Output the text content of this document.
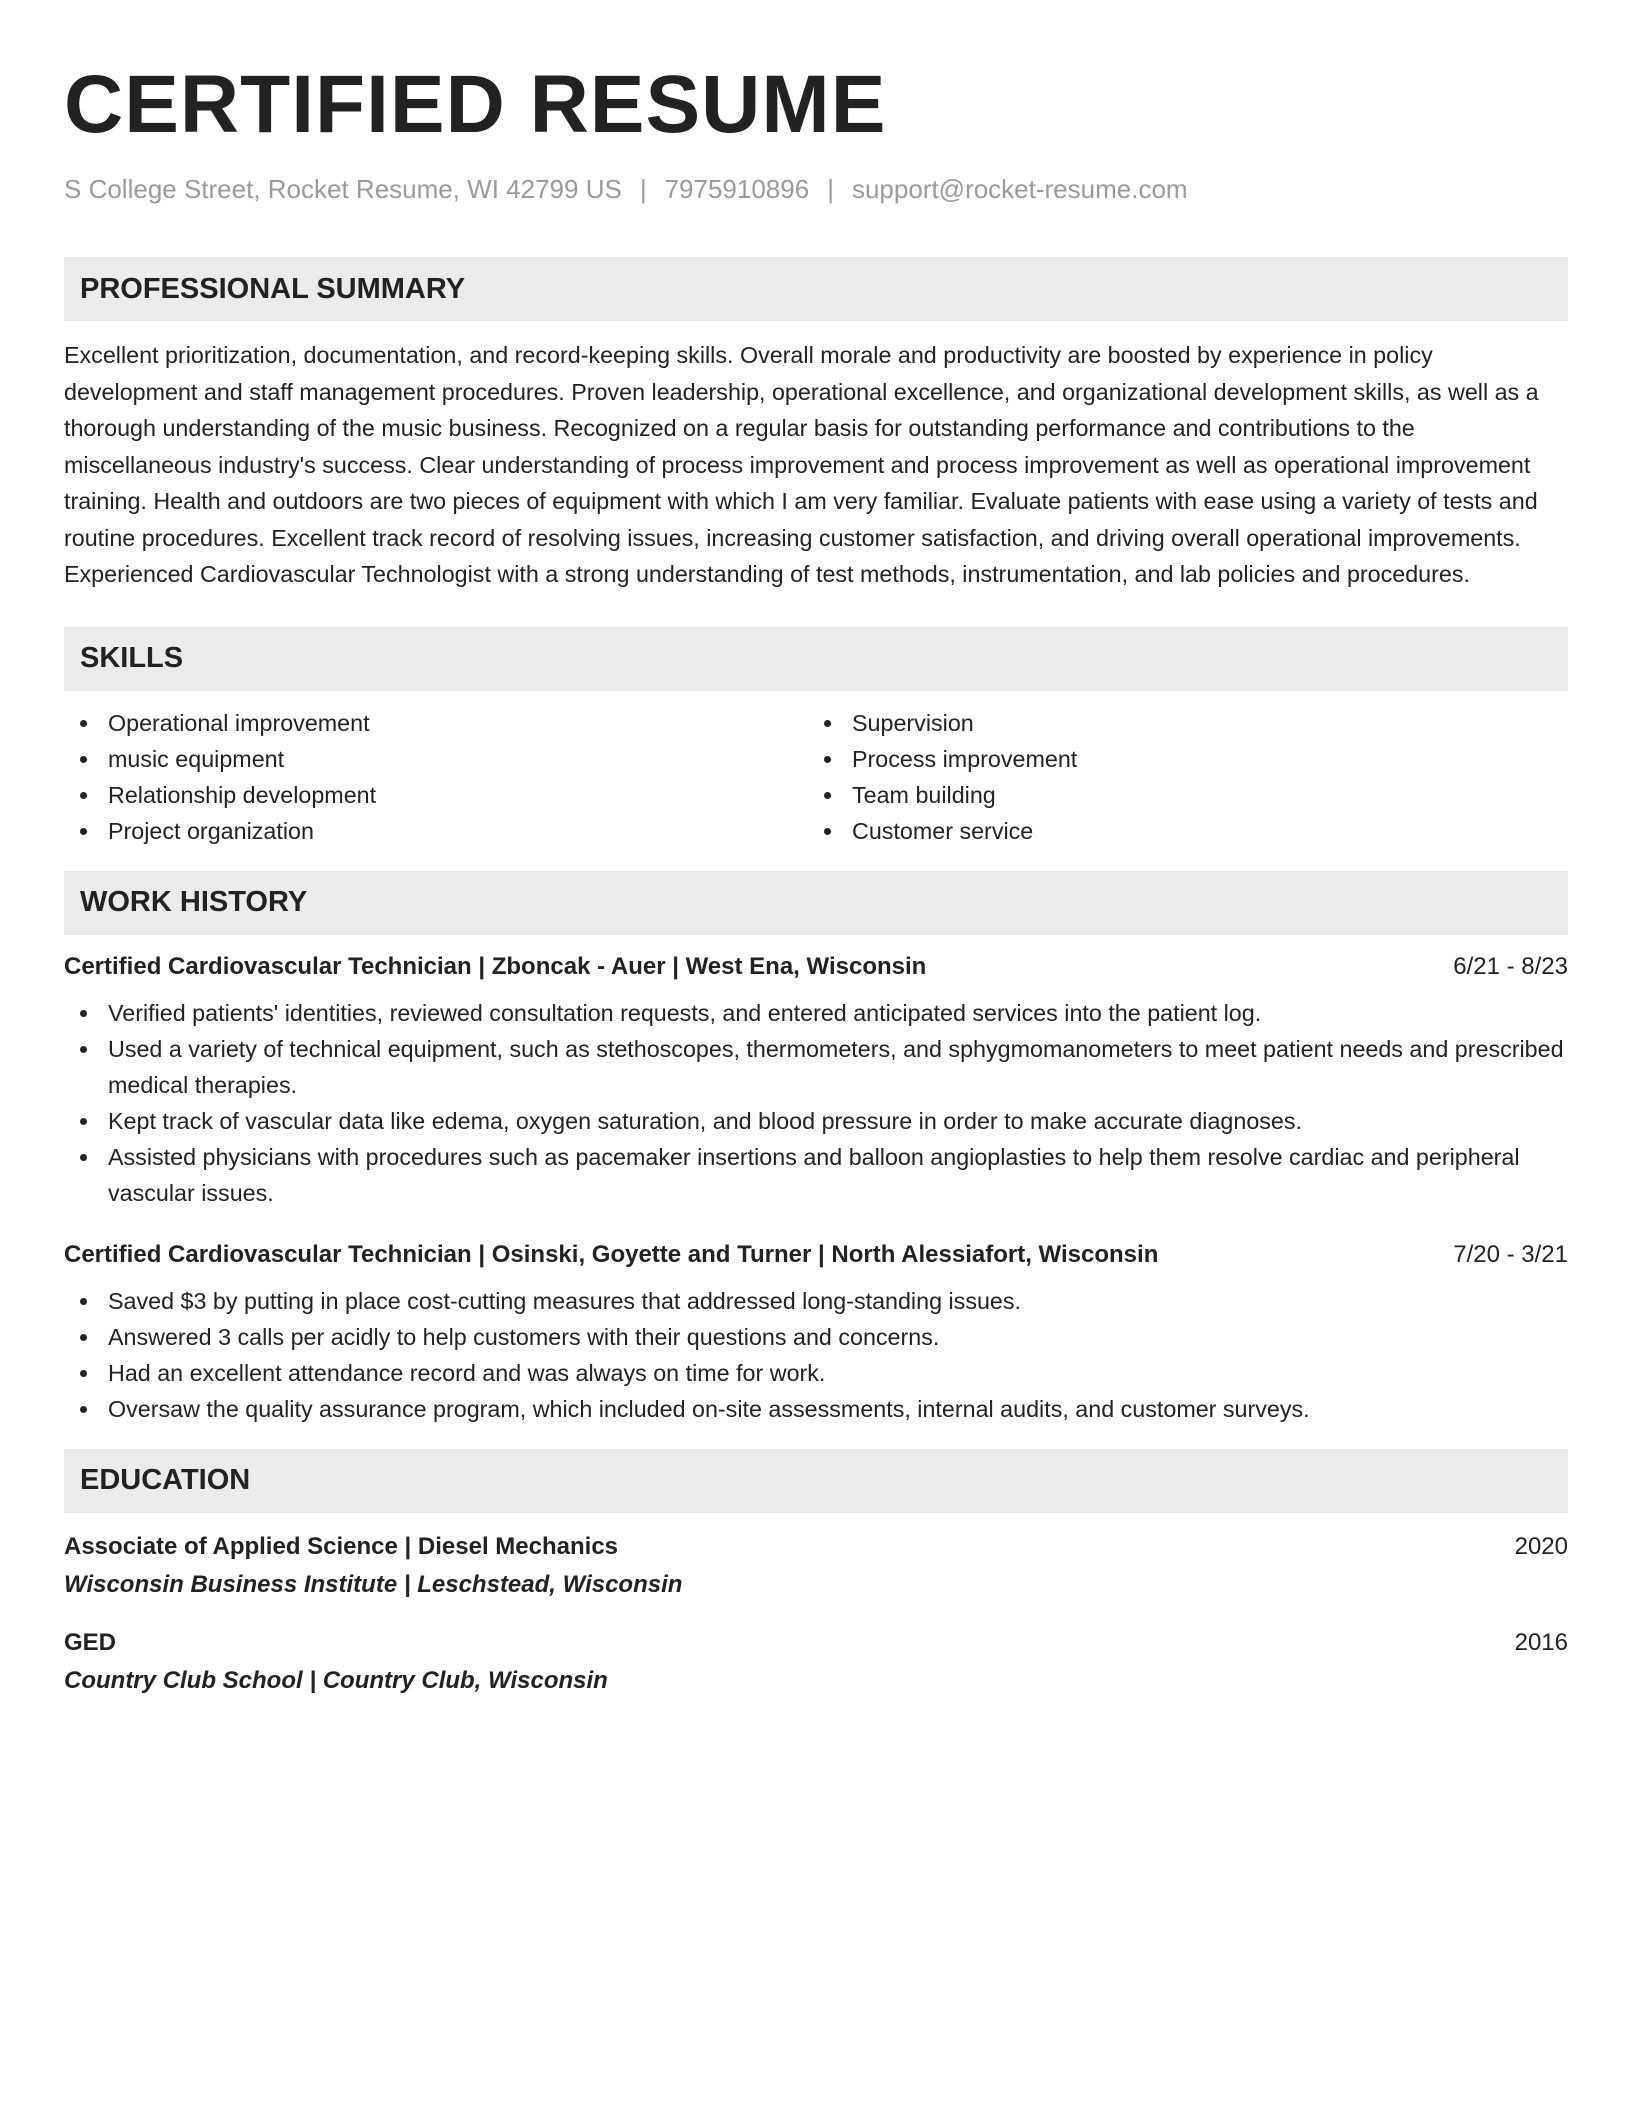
CERTIFIED RESUME
S College Street, Rocket Resume, WI 42799 US | 7975910896 | support@rocket-resume.com
PROFESSIONAL SUMMARY
Excellent prioritization, documentation, and record-keeping skills. Overall morale and productivity are boosted by experience in policy development and staff management procedures. Proven leadership, operational excellence, and organizational development skills, as well as a thorough understanding of the music business. Recognized on a regular basis for outstanding performance and contributions to the miscellaneous industry's success. Clear understanding of process improvement and process improvement as well as operational improvement training. Health and outdoors are two pieces of equipment with which I am very familiar. Evaluate patients with ease using a variety of tests and routine procedures. Excellent track record of resolving issues, increasing customer satisfaction, and driving overall operational improvements. Experienced Cardiovascular Technologist with a strong understanding of test methods, instrumentation, and lab policies and procedures.
SKILLS
Operational improvement
music equipment
Relationship development
Project organization
Supervision
Process improvement
Team building
Customer service
WORK HISTORY
Certified Cardiovascular Technician | Zboncak - Auer | West Ena, Wisconsin	6/21 - 8/23
Verified patients' identities, reviewed consultation requests, and entered anticipated services into the patient log.
Used a variety of technical equipment, such as stethoscopes, thermometers, and sphygmomanometers to meet patient needs and prescribed medical therapies.
Kept track of vascular data like edema, oxygen saturation, and blood pressure in order to make accurate diagnoses.
Assisted physicians with procedures such as pacemaker insertions and balloon angioplasties to help them resolve cardiac and peripheral vascular issues.
Certified Cardiovascular Technician | Osinski, Goyette and Turner | North Alessiafort, Wisconsin	7/20 - 3/21
Saved $3 by putting in place cost-cutting measures that addressed long-standing issues.
Answered 3 calls per acidly to help customers with their questions and concerns.
Had an excellent attendance record and was always on time for work.
Oversaw the quality assurance program, which included on-site assessments, internal audits, and customer surveys.
EDUCATION
Associate of Applied Science | Diesel Mechanics	2020
Wisconsin Business Institute | Leschstead, Wisconsin
GED	2016
Country Club School | Country Club, Wisconsin
